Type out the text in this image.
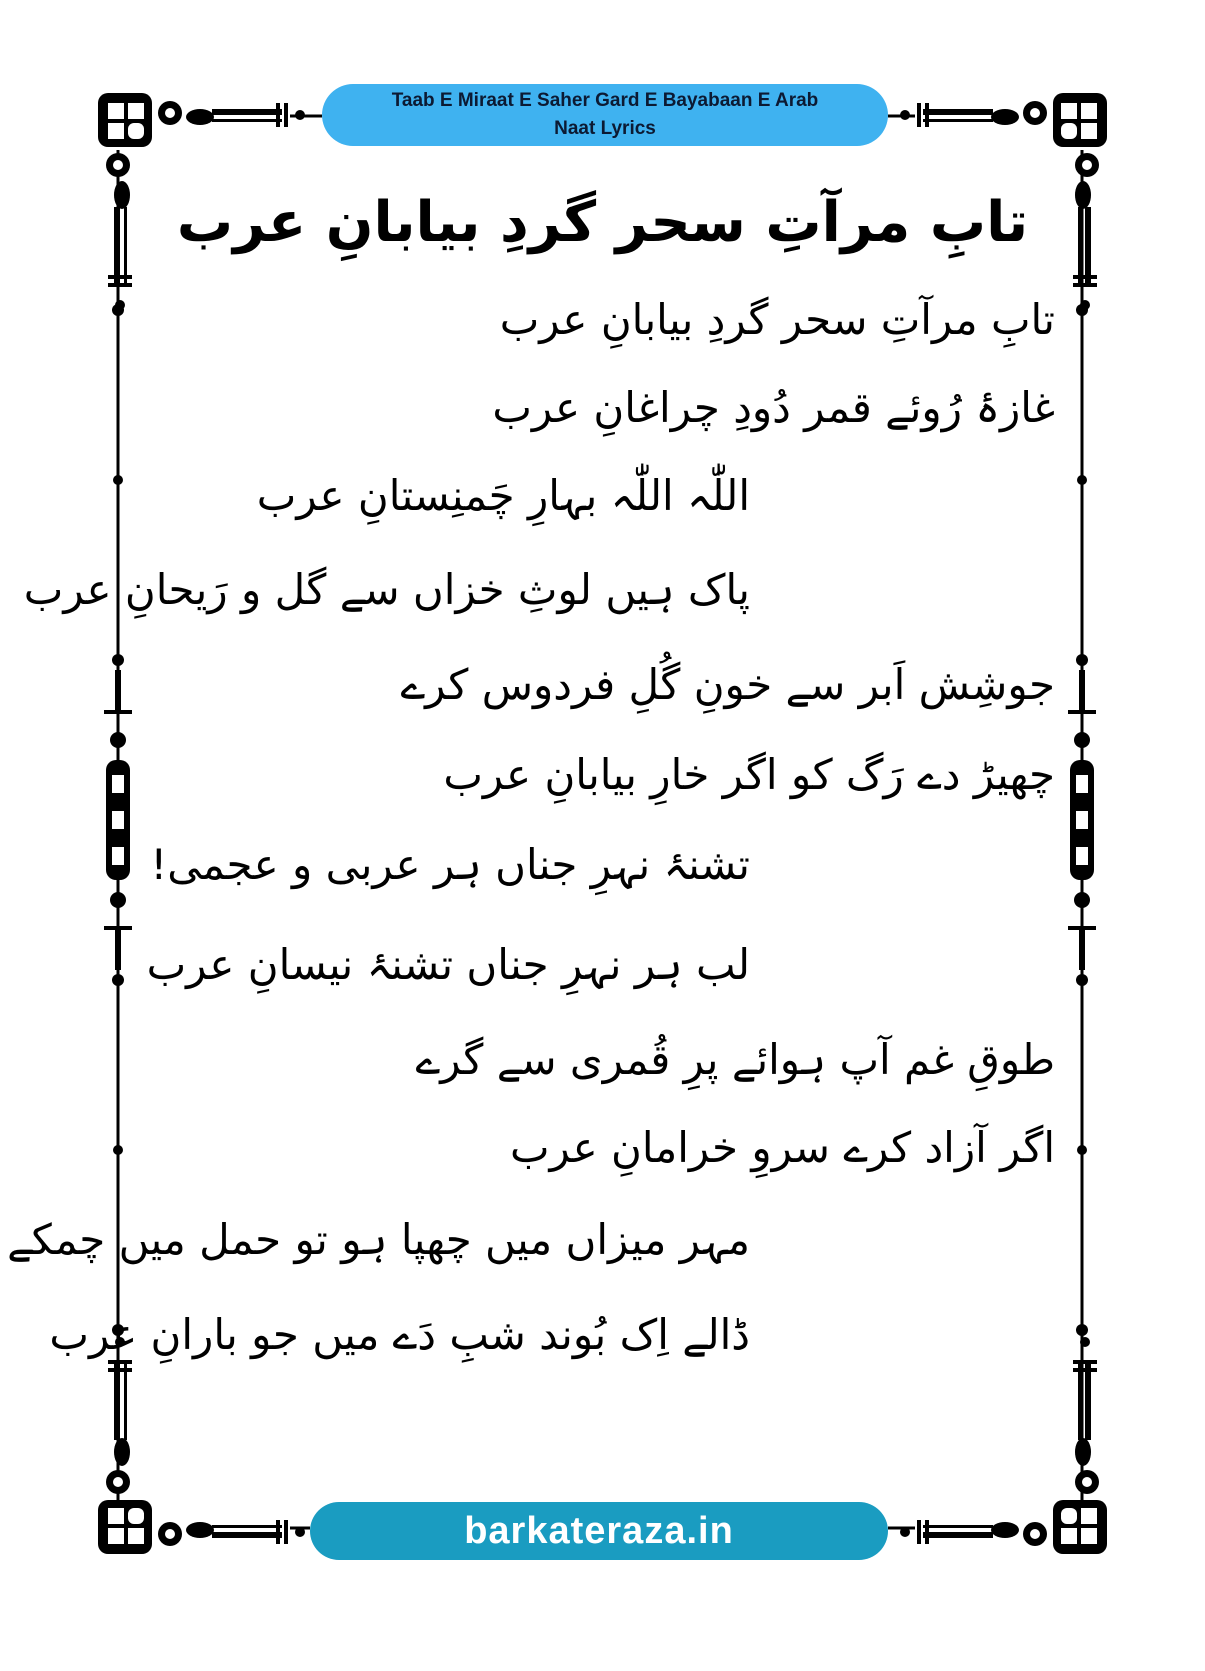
Taab E Miraat E Saher Gard E Bayabaan E Arab
Naat Lyrics
تابِ مرآتِ سحر گردِ بیابانِ عرب
تابِ مرآتِ سحر گردِ بیابانِ عرب
غازۂ رُوئے قمر دُودِ چراغانِ عرب
اللّٰہ اللّٰہ بہارِ چَمنِستانِ عرب
پاک ہیں لوثِ خزاں سے گل و رَیحانِ عرب
جوشِش اَبر سے خونِ گُلِ فردوس کرے
چھیڑ دے رَگ کو اگر خارِ بیابانِ عرب
تشنۂ نہرِ جناں ہر عربی و عجمی!
لب ہر نہرِ جناں تشنۂ نیسانِ عرب
طوقِ غم آپ ہوائے پرِ قُمری سے گرے
اگر آزاد کرے سروِ خرامانِ عرب
مہر میزاں میں چھپا ہو تو حمل میں چمکے
ڈالے اِک بُوند شبِ دَے میں جو بارانِ عرب
barkateraza.in
